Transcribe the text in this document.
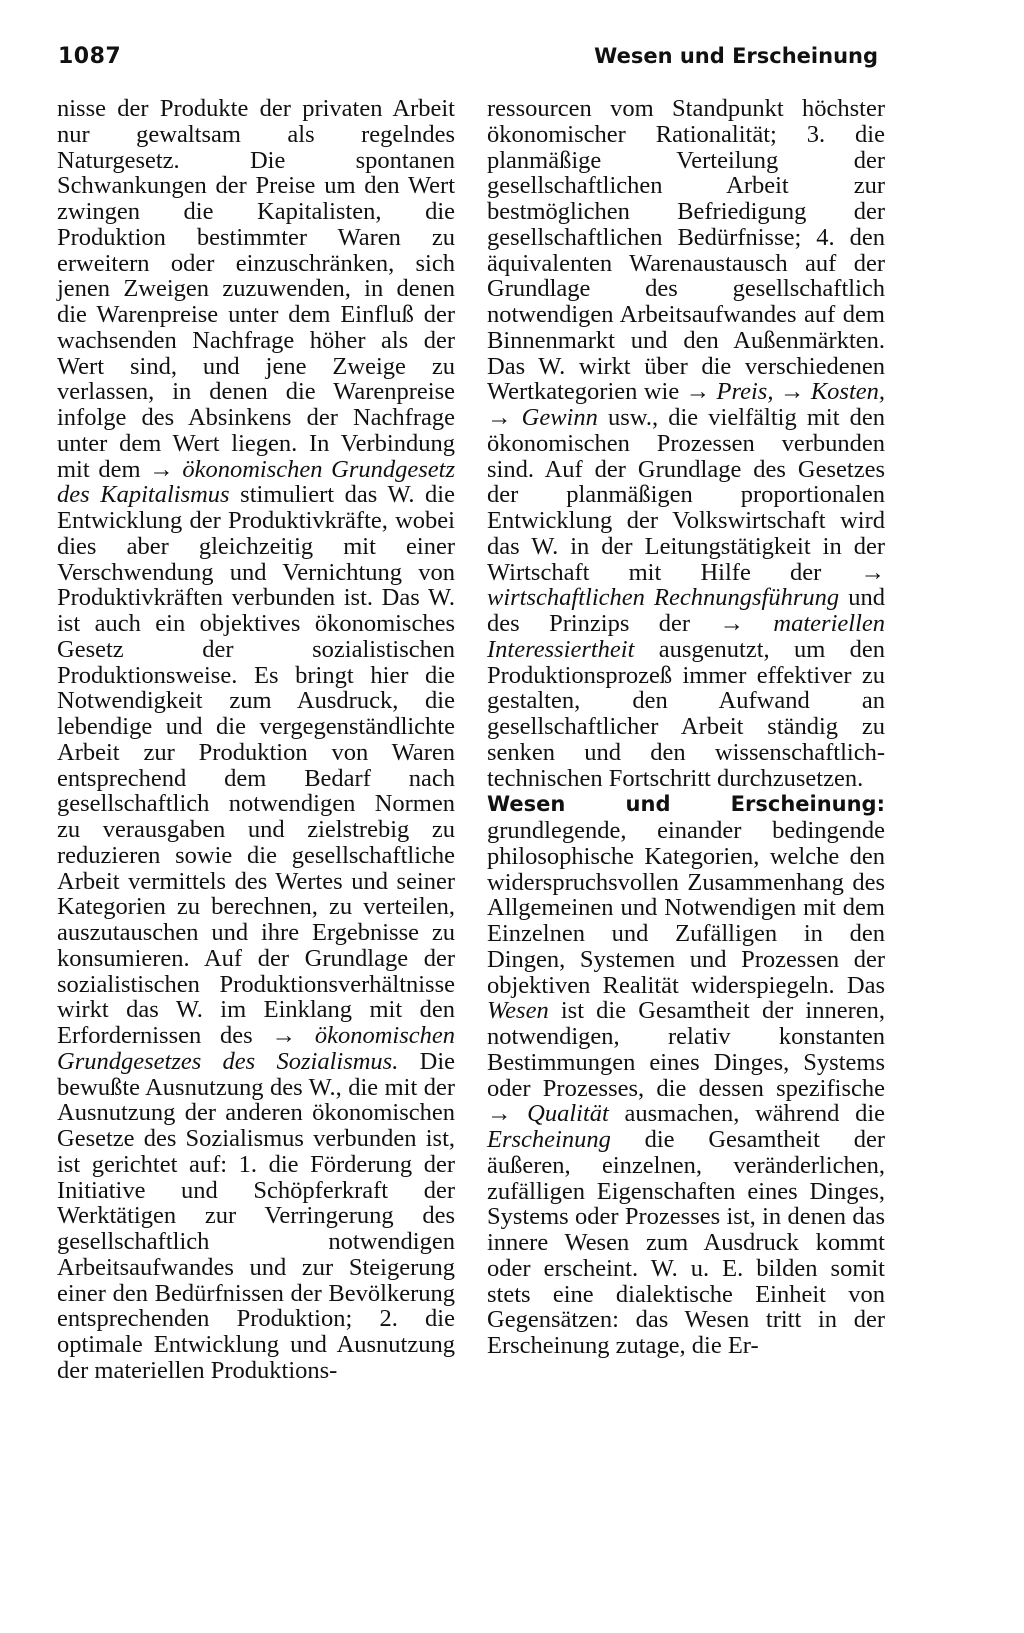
1087	Wesen und Erscheinung

nisse der Produkte der privaten Arbeit nur gewaltsam als regelndes Naturgesetz. Die spontanen Schwankungen der Preise um den Wert zwingen die Kapitalisten, die Produktion bestimmter Waren zu erweitern oder einzuschränken, sich jenen Zweigen zuzuwenden, in denen die Warenpreise unter dem Einfluß der wachsenden Nachfrage höher als der Wert sind, und jene Zweige zu verlassen, in denen die Warenpreise infolge des Absinkens der Nachfrage unter dem Wert liegen. In Verbindung mit dem → ökonomischen Grundgesetz des Kapitalismus stimuliert das W. die Entwicklung der Produktivkräfte, wobei dies aber gleichzeitig mit einer Verschwendung und Vernichtung von Produktivkräften verbunden ist. Das W. ist auch ein objektives ökonomisches Gesetz der sozialistischen Produktionsweise. Es bringt hier die Notwendigkeit zum Ausdruck, die lebendige und die vergegenständlichte Arbeit zur Produktion von Waren entsprechend dem Bedarf nach gesellschaftlich notwendigen Normen zu verausgaben und zielstrebig zu reduzieren sowie die gesellschaftliche Arbeit vermittels des Wertes und seiner Kategorien zu berechnen, zu verteilen, auszutauschen und ihre Ergebnisse zu konsumieren. Auf der Grundlage der sozialistischen Produktionsverhältnisse wirkt das W. im Einklang mit den Erfordernissen des → ökonomischen Grundgesetzes des Sozialismus. Die bewußte Ausnutzung des W., die mit der Ausnutzung der anderen ökonomischen Gesetze des Sozialismus verbunden ist, ist gerichtet auf: 1. die Förderung der Initiative und Schöpferkraft der Werktätigen zur Verringerung des gesellschaftlich notwendigen Arbeitsaufwandes und zur Steigerung einer den Bedürfnissen der Bevölkerung entsprechenden Produktion; 2. die optimale Entwicklung und Ausnutzung der materiellen Produktions-

ressourcen vom Standpunkt höchster ökonomischer Rationalität; 3. die planmäßige Verteilung der gesellschaftlichen Arbeit zur bestmöglichen Befriedigung der gesellschaftlichen Bedürfnisse; 4. den äquivalenten Warenaustausch auf der Grundlage des gesellschaftlich notwendigen Arbeitsaufwandes auf dem Binnenmarkt und den Außenmärkten. Das W. wirkt über die verschiedenen Wertkategorien wie → Preis, → Kosten, → Gewinn usw., die vielfältig mit den ökonomischen Prozessen verbunden sind. Auf der Grundlage des Gesetzes der planmäßigen proportionalen Entwicklung der Volkswirtschaft wird das W. in der Leitungstätigkeit in der Wirtschaft mit Hilfe der → wirtschaftlichen Rechnungsführung und des Prinzips der → materiellen Interessiertheit ausgenutzt, um den Produktionsprozeß immer effektiver zu gestalten, den Aufwand an gesellschaftlicher Arbeit ständig zu senken und den wissenschaftlich-technischen Fortschritt durchzusetzen.

Wesen und Erscheinung: grundlegende, einander bedingende philosophische Kategorien, welche den widerspruchsvollen Zusammenhang des Allgemeinen und Notwendigen mit dem Einzelnen und Zufälligen in den Dingen, Systemen und Prozessen der objektiven Realität widerspiegeln. Das Wesen ist die Gesamtheit der inneren, notwendigen, relativ konstanten Bestimmungen eines Dinges, Systems oder Prozesses, die dessen spezifische → Qualität ausmachen, während die Erscheinung die Gesamtheit der äußeren, einzelnen, veränderlichen, zufälligen Eigenschaften eines Dinges, Systems oder Prozesses ist, in denen das innere Wesen zum Ausdruck kommt oder erscheint. W. u. E. bilden somit stets eine dialektische Einheit von Gegensätzen: das Wesen tritt in der Erscheinung zutage, die Er-
